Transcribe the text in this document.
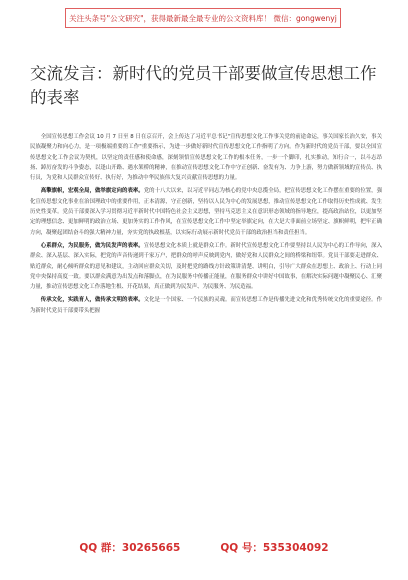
关注头条号"公文研究"，获得最新最全最专业的公文资料库！ 微信：gongwenyj
交流发言：新时代的党员干部要做宣传思想工作的表率

全国宣传思想工作会议 10 月 7 日至 8 日在京召开，会上传达了习近平总书记"宣传思想文化工作事关党的前途命运，事关国家长治久安，事关民族凝聚力和向心力，是一项极端重要的工作"重要指示，为进一步做好新时代宣传思想文化工作指明了方向。作为新时代的党员干部，要以全国宣传思想文化工作会议为契机，以坚定的责任感和使命感，深刻领悟宣传思想文化工作的根本任务，一步一个脚印，扎实推动，知行合一，以斗志昂扬、踔厉奋发的斗争姿态，以逢山开路、遇水架桥的精神，在推动宣传思想文化工作中守正创新、奋发有为、力争上游，努力做新领域的宣传员、执行员，为党和人民群众宣传好、执行好，为推动中华民族伟大复兴贡献宣传思想的力量。

高擎旗帜，宏观全局，做举旗定向的表率。党的十八大以来，以习近平同志为核心的党中央总揽全局，把宣传思想文化工作摆在重要的位置，强化宣传思想文化事业在治国理政中的重要作用，正本清源，守正创新，坚持以人民为中心的发展思想，推动宣传思想文化工作取得历史性成就、发生历史性变革。党员干部要深入学习贯彻习近平新时代中国特色社会主义思想，坚持马克思主义在意识形态领域的指导地位，提高政治站位，以更加坚定的理想信念、更加鲜明的政治立场、更加务实的工作作风，在宣传思想文化工作中坚定举旗定向，在大是大非面前立场坚定、旗帜鲜明，把牢正确方向，凝聚起团结奋斗的强大精神力量，夯实党的执政根基，以实际行动展示新时代党员干部的政治担当和责任担当。

心系群众，为民服务，做为民发声的表率。宣传思想文化本质上就是群众工作。新时代宣传思想文化工作要坚持以人民为中心的工作导向，深入群众、深入基层、深入实际，把党的声音传递到千家万户，把群众的呼声反映到党内，做好党和人民群众之间的桥梁和纽带。党员干部要走进群众、贴近群众，耐心倾听群众的意见和建议，主动回应群众关切，及时把党的路线方针政策讲清楚、讲明白，引导广大群众在思想上、政治上、行动上同党中央保持高度一致。要以群众满意为出发点和落脚点，在为民服务中传播正能量，在服务群众中讲好中国故事，在解决实际问题中凝聚民心、汇聚力量，推动宣传思想文化工作落地生根、开花结果，真正做到为民发声、为民服务、为民造福。

传承文化，实践育人，做传承文明的表率。文化是一个国家、一个民族的灵魂。而宣传思想工作是传播先进文化和优秀传统文化的重要途径。作为新时代党员干部要带头把握

QQ 群：30265665	QQ 号：535304092
